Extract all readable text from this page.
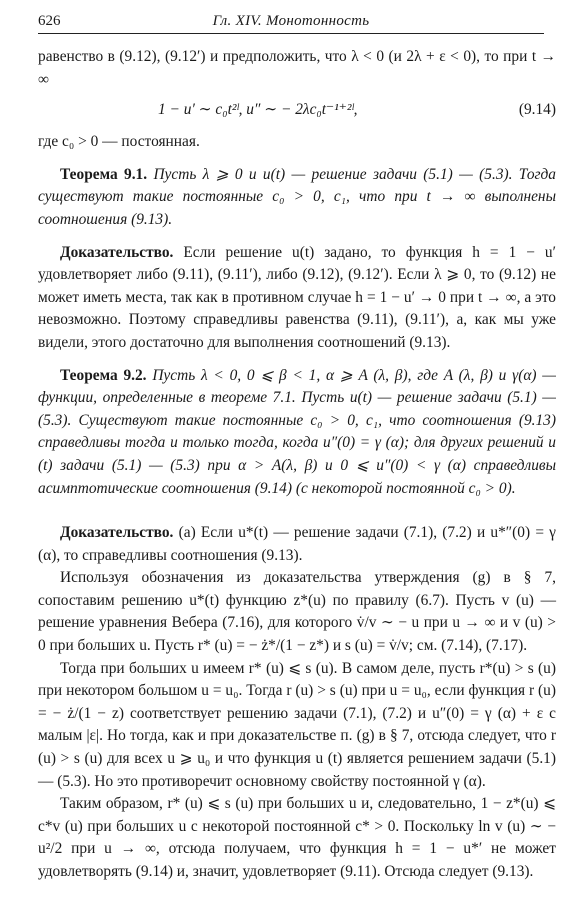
626	Гл. XIV. Монотонность

равенство в (9.12), (9.12′) и предположить, что λ < 0 (и 2λ + ε < 0), то при t → ∞

1 − u′ ∼ c₀t²ˡ, u″ ∼ − 2λc₀t⁻¹⁺²ˡ,	(9.14)

где c₀ > 0 — постоянная.

Теорема 9.1. Пусть λ ⩾ 0 и u(t) — решение задачи (5.1) — (5.3). Тогда существуют такие постоянные c₀ > 0, c₁, что при t → ∞ выполнены соотношения (9.13).

Доказательство. Если решение u(t) задано, то функция h = 1 − u′ удовлетворяет либо (9.11), (9.11′), либо (9.12), (9.12′). Если λ ⩾ 0, то (9.12) не может иметь места, так как в противном случае h = 1 − u′ → 0 при t → ∞, а это невозможно. Поэтому справедливы равенства (9.11), (9.11′), а, как мы уже видели, этого достаточно для выполнения соотношений (9.13).

Теорема 9.2. Пусть λ < 0, 0 ⩽ β < 1, α ⩾ A (λ, β), где A (λ, β) и γ(α) — функции, определенные в теореме 7.1. Пусть u(t) — решение задачи (5.1) — (5.3). Существуют такие постоянные c₀ > 0, c₁, что соотношения (9.13) справедливы тогда и только тогда, когда u″(0) = γ (α); для других решений и (t) задачи (5.1) — (5.3) при α > A(λ, β) и 0 ⩽ u″(0) < γ (α) справедливы асимптотические соотношения (9.14) (с некоторой постоянной c₀ > 0).

Доказательство. (а) Если u*(t) — решение задачи (7.1), (7.2) и u*″(0) = γ (α), то справедливы соотношения (9.13).

Используя обозначения из доказательства утверждения (g) в § 7, сопоставим решению u*(t) функцию z*(u) по правилу (6.7). Пусть v (u) — решение уравнения Вебера (7.16), для которого v̇/v ∼ − u при u → ∞ и v (u) > 0 при больших u. Пусть r* (u) = − ż*/(1 − z*) и s (u) = v̇/v; см. (7.14), (7.17).

Тогда при больших u имеем r* (u) ⩽ s (u). В самом деле, пусть r*(u) > s (u) при некотором большом u = u₀. Тогда r (u) > s (u) при u = u₀, если функция r (u) = − ż/(1 − z) соответствует решению задачи (7.1), (7.2) и u″(0) = γ (α) + ε с малым |ε|. Но тогда, как и при доказательстве п. (g) в § 7, отсюда следует, что r (u) > s (u) для всех u ⩾ u₀ и что функция u (t) является решением задачи (5.1) — (5.3). Но это противоречит основному свойству постоянной γ (α).

Таким образом, r* (u) ⩽ s (u) при больших u и, следовательно, 1 − z*(u) ⩽ c*v (u) при больших u с некоторой постоянной c* > 0. Поскольку ln v (u) ∼ − u²/2 при u → ∞, отсюда получаем, что функция h = 1 − u*′ не может удовлетворять (9.14) и, значит, удовлетворяет (9.11). Отсюда следует (9.13).
